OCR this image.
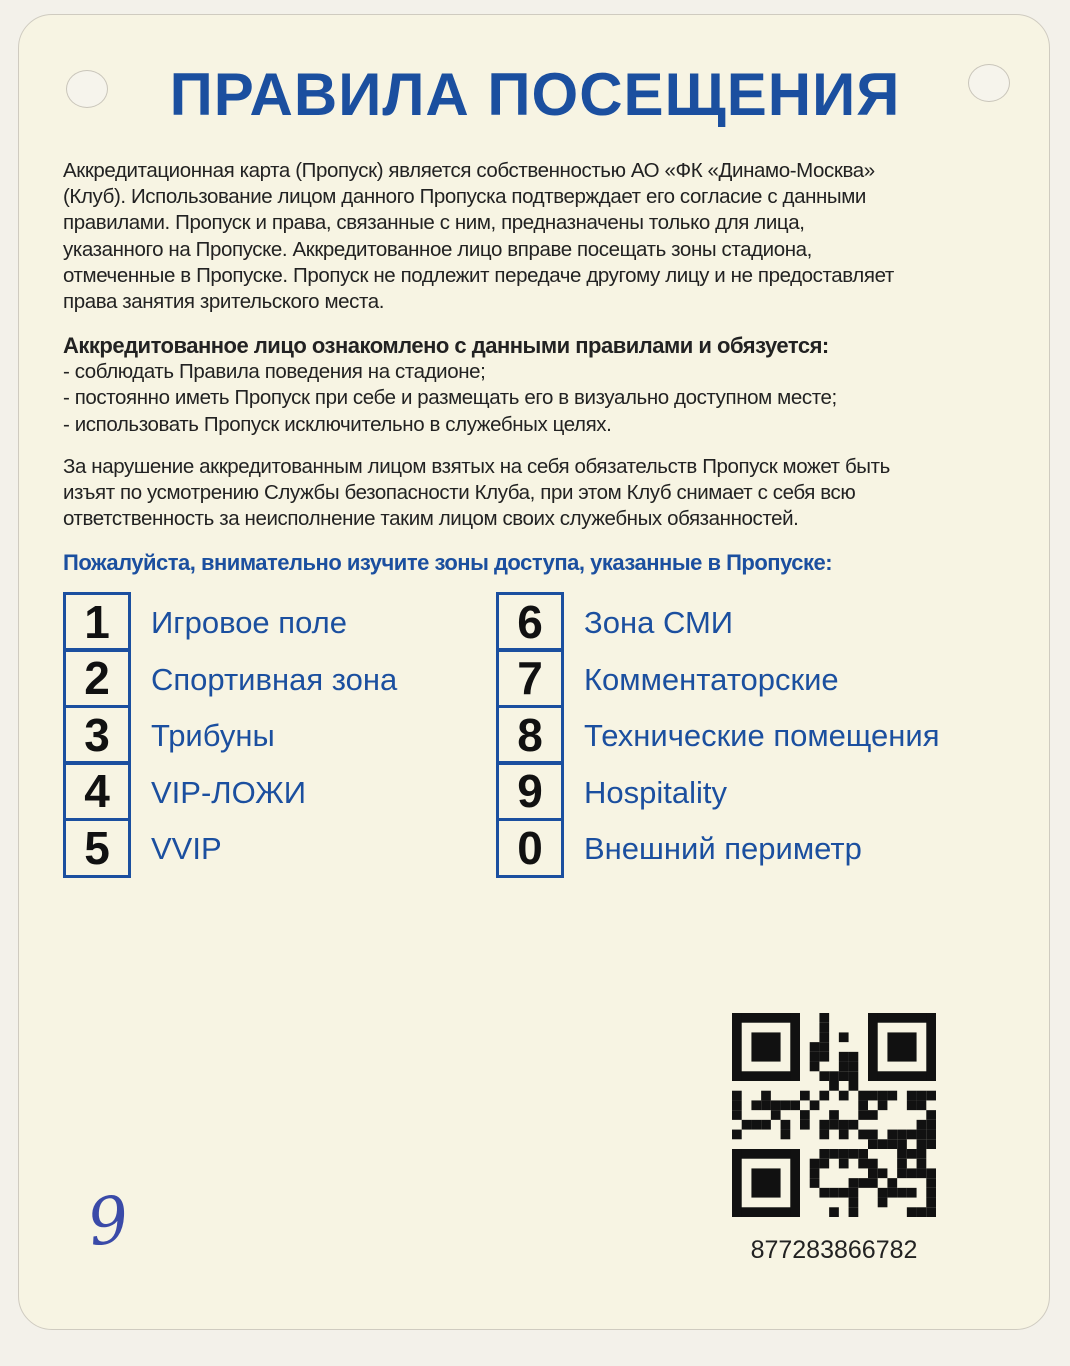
ПРАВИЛА ПОСЕЩЕНИЯ
Аккредитационная карта (Пропуск) является собственностью АО «ФК «Динамо-Москва»
(Клуб). Использование лицом данного Пропуска подтверждает его согласие с данными
правилами. Пропуск и права, связанные с ним, предназначены только для лица,
указанного на Пропуске. Аккредитованное лицо вправе посещать зоны стадиона,
отмеченные в Пропуске. Пропуск не подлежит передаче другому лицу и не предоставляет
права занятия зрительского места.
Аккредитованное лицо ознакомлено с данными правилами и обязуется:
- соблюдать Правила поведения на стадионе;
- постоянно иметь Пропуск при себе и размещать его в визуально доступном месте;
- использовать Пропуск исключительно в служебных целях.
За нарушение аккредитованным лицом взятых на себя обязательств Пропуск может быть
изъят по усмотрению Службы безопасности Клуба, при этом Клуб снимает с себя всю
ответственность за неисполнение таким лицом своих служебных обязанностей.
Пожалуйста, внимательно изучите зоны доступа, указанные в Пропуске:
1	Игровое поле
2	Спортивная зона
3	Трибуны
4	VIP-ЛОЖИ
5	VVIP
6	Зона СМИ
7	Комментаторские
8	Технические помещения
9	Hospitality
0	Внешний периметр
877283866782
9
